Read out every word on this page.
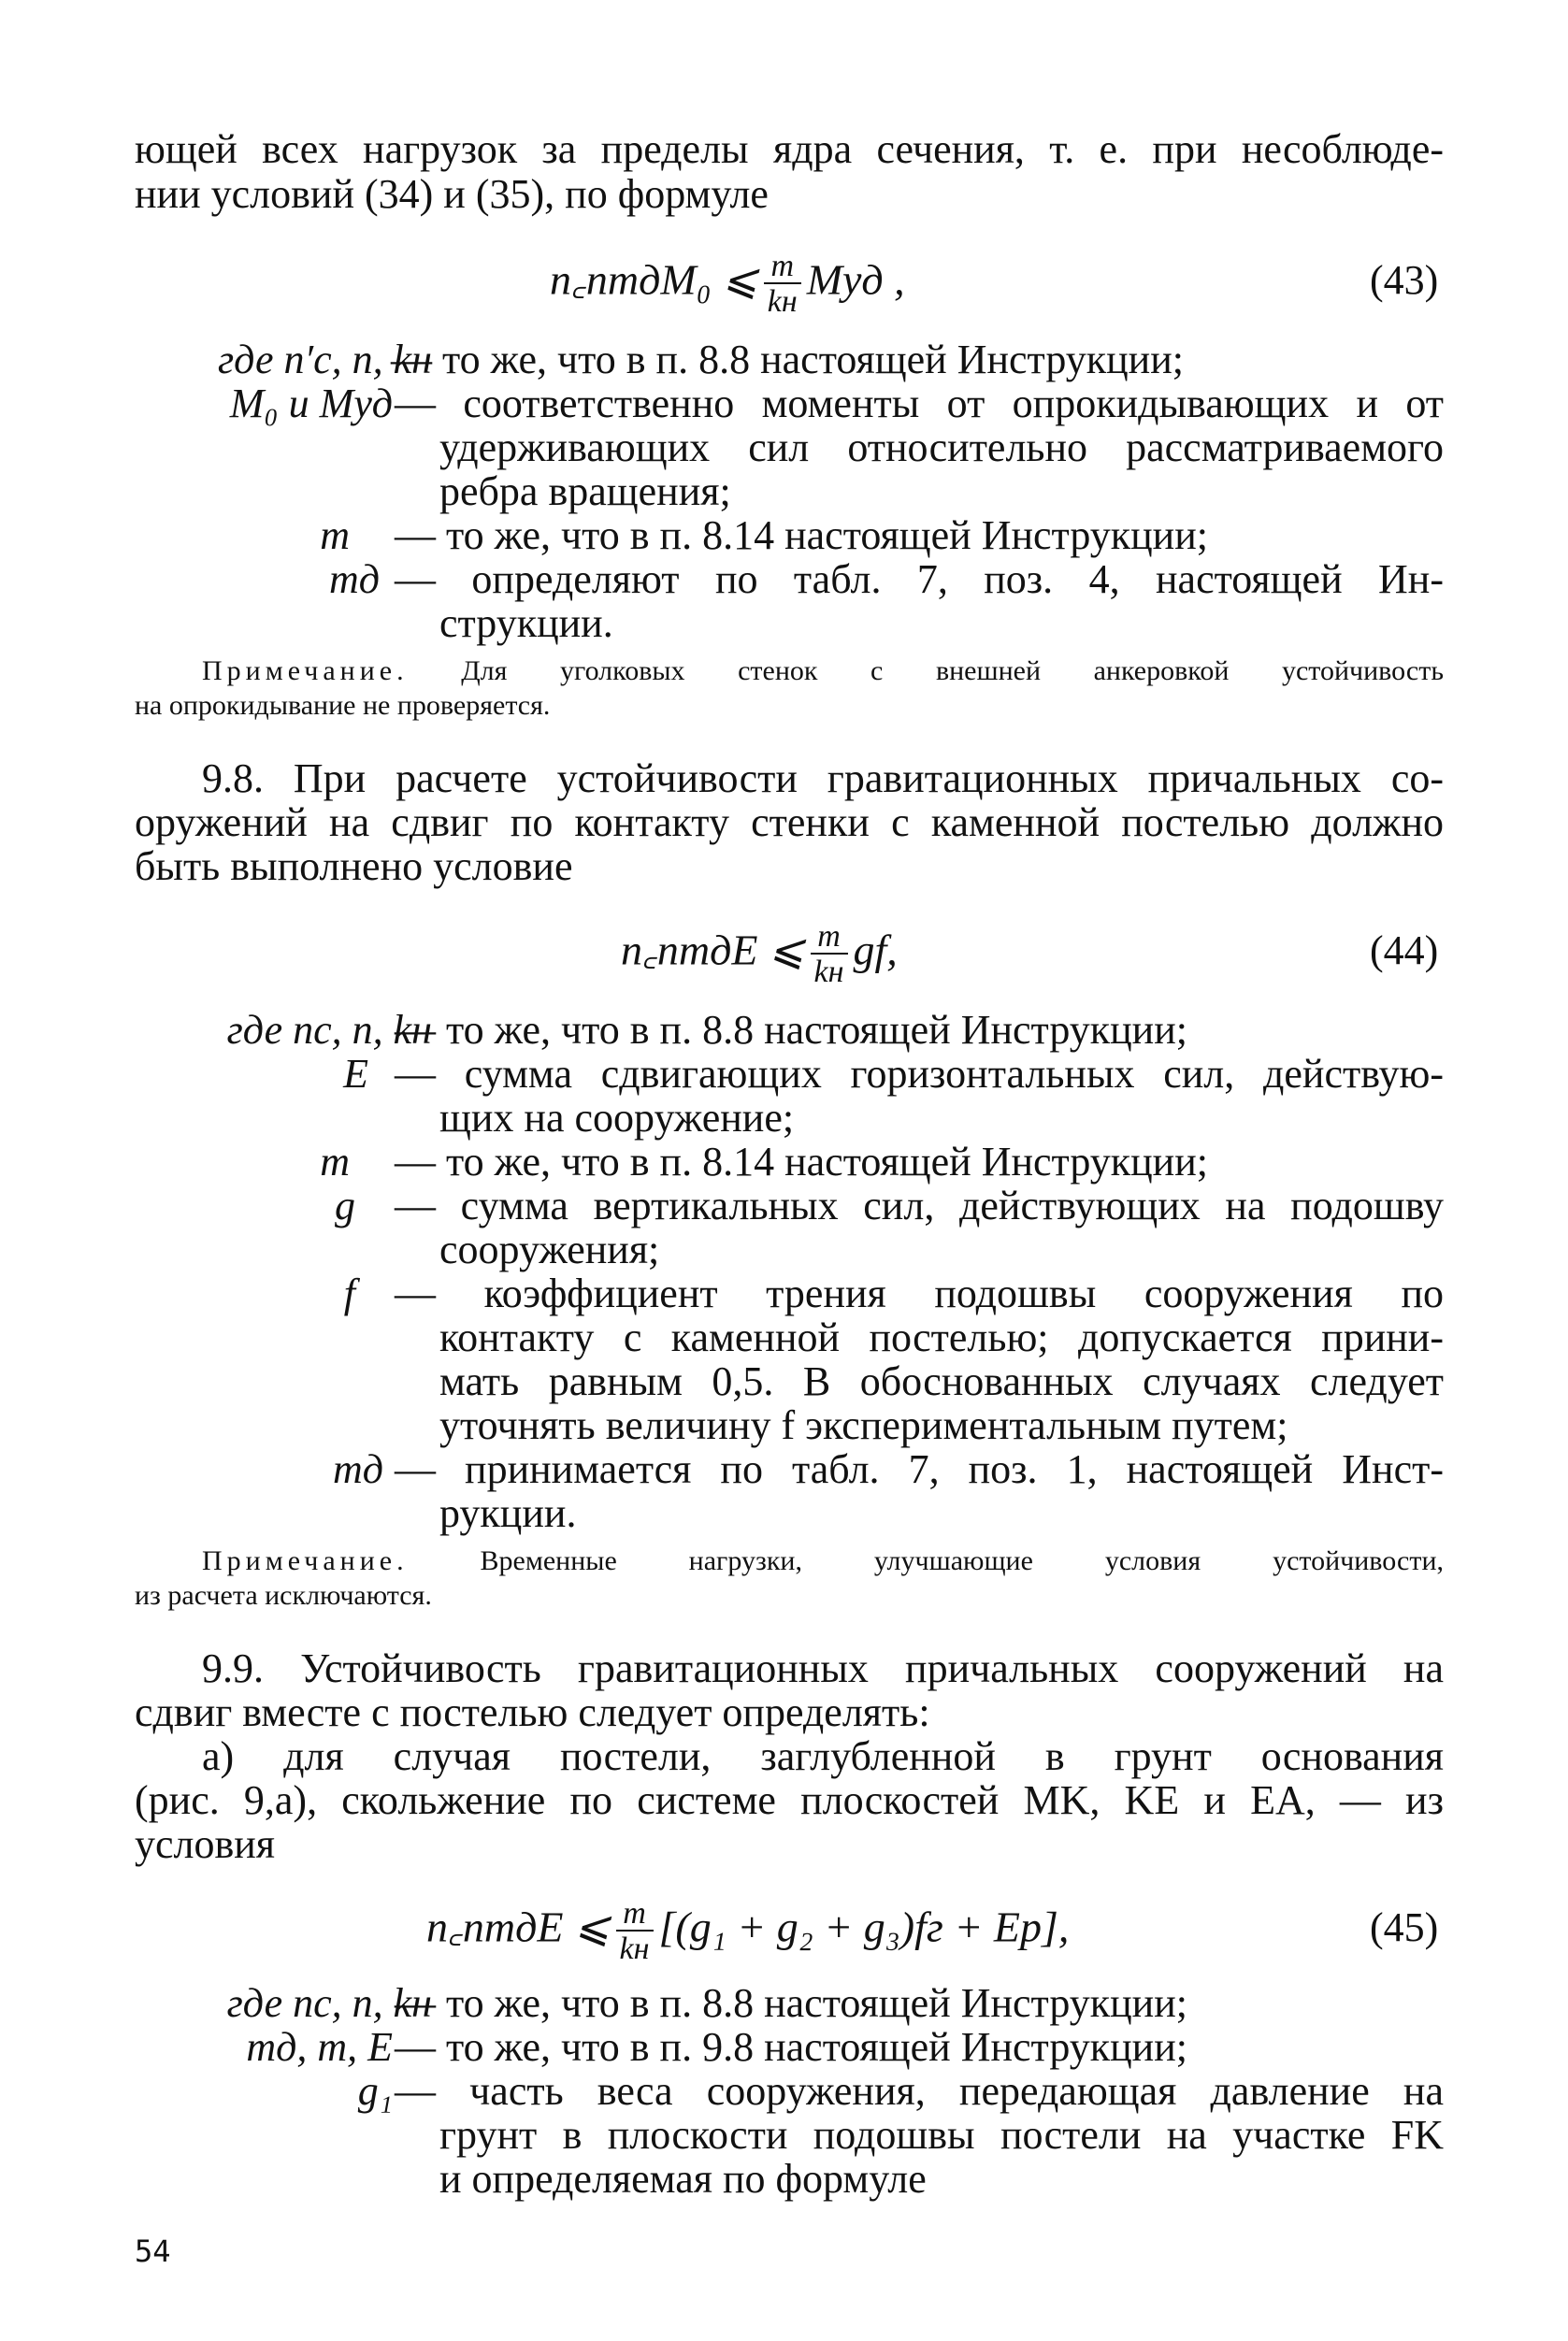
ющей всех нагрузок за пределы ядра сечения, т. е. при несоблюде-
нии условий (34) и (35), по формуле
n꜀nmдM₀ ⩽ $\frac{m}{kн}$ Mуд ,	(43)
где n′c, n, kн
— то же, что в п. 8.8 настоящей Инструкции;
M₀ и Mуд — соответственно моменты от опрокидывающих и от
удерживающих сил относительно рассматриваемого
ребра вращения;
m — то же, что в п. 8.14 настоящей Инструкции;
mд — определяют по табл. 7, поз. 4, настоящей Ин-
струкции.
Примечание. Для уголковых стенок с внешней анкеровкой устойчивость
на опрокидывание не проверяется.
9.8. При расчете устойчивости гравитационных причальных со-
оружений на сдвиг по контакту стенки с каменной постелью должно
быть выполнено условие
n꜀nmдE ⩽ $\frac{m}{kн}$ gf,	(44)
где nc, n, kн
— то же, что в п. 8.8 настоящей Инструкции;
E — сумма сдвигающих горизонтальных сил, действую-
щих на сооружение;
m — то же, что в п. 8.14 настоящей Инструкции;
g — сумма вертикальных сил, действующих на подошву
сооружения;
f — коэффициент трения подошвы сооружения по
контакту с каменной постелью; допускается прини-
мать равным 0,5. В обоснованных случаях следует
уточнять величину f экспериментальным путем;
mд — принимается по табл. 7, поз. 1, настоящей Инст-
рукции.
Примечание.	Временные нагрузки, улучшающие условия устойчивости,
из расчета исключаются.
9.9. Устойчивость гравитационных причальных сооружений на
сдвиг вместе с постелью следует определять:
а) для случая постели, заглубленной в грунт основания
(рис. 9,а), скольжение по системе плоскостей MK, KE и EA, — из
условия
n꜀nmдE ⩽ $\frac{m}{kн} [(g_1 + g_2 + g_3)fг + Eр]$,	(45)
где nc, n, kн
— то же, что в п. 8.8 настоящей Инструкции;
mд, m, E — то же, что в п. 9.8 настоящей Инструкции;
g₁ — часть веса сооружения, передающая давление на
грунт в плоскости подошвы постели на участке FK
и определяемая по формуле
54
